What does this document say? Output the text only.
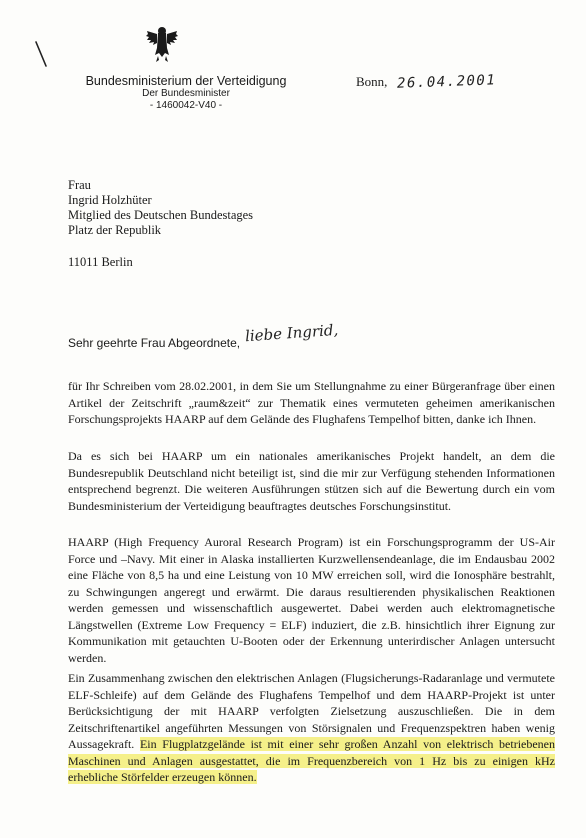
Bundesministerium der Verteidigung
Der Bundesminister
- 1460042-V40 -
Bonn, 26.04.2001
Frau
Ingrid Holzhüter
Mitglied des Deutschen Bundestages
Platz der Republik
11011 Berlin
Sehr geehrte Frau Abgeordnete, liebe Ingrid,

für Ihr Schreiben vom 28.02.2001, in dem Sie um Stellungnahme zu einer Bürgeranfrage über einen Artikel der Zeitschrift „raum&zeit“ zur Thematik eines vermuteten geheimen amerikanischen Forschungsprojekts HAARP auf dem Gelände des Flughafens Tempelhof bitten, danke ich Ihnen.

Da es sich bei HAARP um ein nationales amerikanisches Projekt handelt, an dem die Bundesrepublik Deutschland nicht beteiligt ist, sind die mir zur Verfügung stehenden Informationen entsprechend begrenzt. Die weiteren Ausführungen stützen sich auf die Bewertung durch ein vom Bundesministerium der Verteidigung beauftragtes deutsches Forschungsinstitut.

HAARP (High Frequency Auroral Research Program) ist ein Forschungsprogramm der US-Air Force und –Navy. Mit einer in Alaska installierten Kurzwellensendeanlage, die im Endausbau 2002 eine Fläche von 8,5 ha und eine Leistung von 10 MW erreichen soll, wird die Ionosphäre bestrahlt, zu Schwingungen angeregt und erwärmt. Die daraus resultierenden physikalischen Reaktionen werden gemessen und wissenschaftlich ausgewertet. Dabei werden auch elektromagnetische Längstwellen (Extreme Low Frequency = ELF) induziert, die z.B. hinsichtlich ihrer Eignung zur Kommunikation mit getauchten U-Booten oder der Erkennung unterirdischer Anlagen untersucht werden.

Ein Zusammenhang zwischen den elektrischen Anlagen (Flugsicherungs-Radaranlage und vermutete ELF-Schleife) auf dem Gelände des Flughafens Tempelhof und dem HAARP-Projekt ist unter Berücksichtigung der mit HAARP verfolgten Zielsetzung auszuschließen. Die in dem Zeitschriftenartikel angeführten Messungen von Störsignalen und Frequenzspektren haben wenig Aussagekraft. Ein Flugplatzgelände ist mit einer sehr großen Anzahl von elektrisch betriebenen Maschinen und Anlagen ausgestattet, die im Frequenzbereich von 1 Hz bis zu einigen kHz erhebliche Störfelder erzeugen können.
